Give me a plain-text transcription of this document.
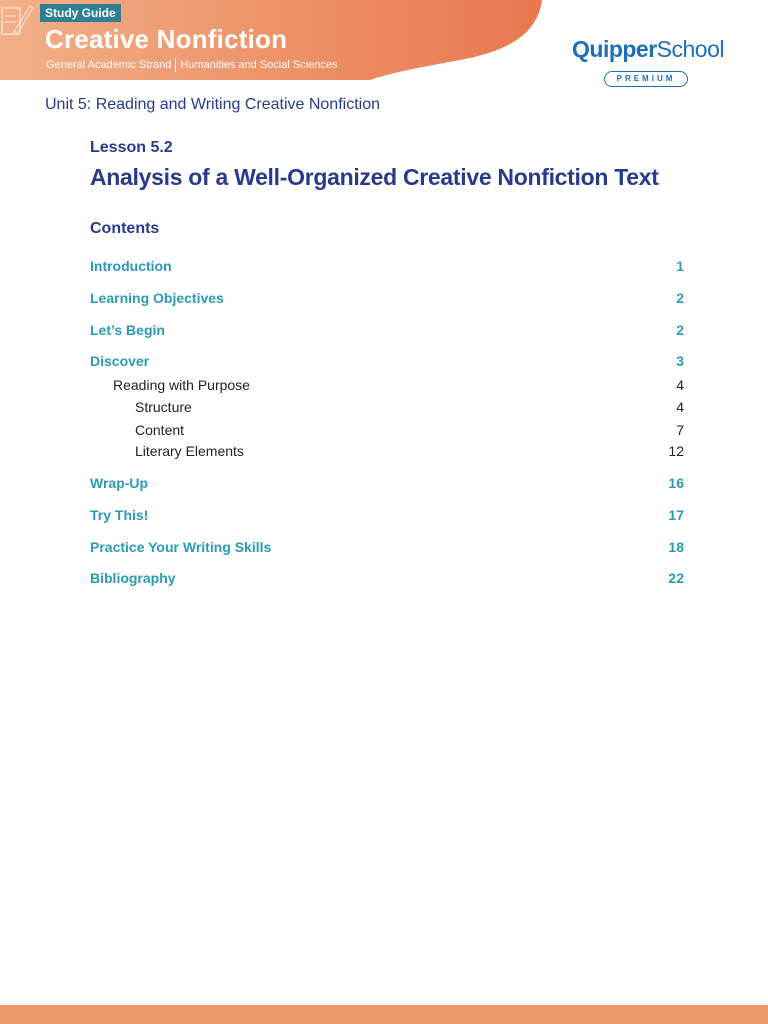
Study Guide
Creative Nonfiction
General Academic Strand Humanities and Social Sciences
QuipperSchool
PREMIUM
Unit 5: Reading and Writing Creative Nonfiction
Lesson 5.2
Analysis of a Well-Organized Creative Nonfiction Text
Contents
Introduction	1
Learning Objectives	2
Let’s Begin	2
Discover	3
Reading with Purpose	4
Structure	4
Content	7
Literary Elements	12
Wrap-Up	16
Try This!	17
Practice Your Writing Skills	18
Bibliography	22
